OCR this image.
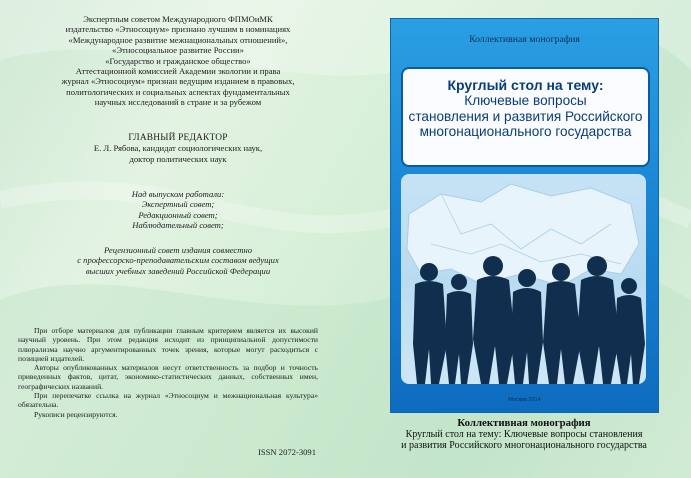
Экспертным советом Международного ФПМОиМК
издательство «Этносоциум» признано лучшим в номинациях
«Международное развитие межнациональных отношений»,
«Этносоциальное развитие России»
«Государство и гражданское общество»
Аттестационной комиссией Академии экологии и права
журнал «Этносоциум» признан ведущим изданием в правовых,
политологических и социальных аспектах фундаментальных
научных исследований в стране и за рубежом
ГЛАВНЫЙ РЕДАКТОР
Е. Л. Рябова, кандидат социологических наук,
доктор политических наук
Над выпуском работали:
Экспертный совет;
Редакционный совет;
Наблюдательный совет;
Рецензионный совет издания совместно
с профессорско-преподавательским составом ведущих
высших учебных заведений Российской Федерации

При отборе материалов для публикации главным критерием является их высокий научный уровень. При этом редакция исходит из принципиальной допустимости плюрализма научно аргументированных точек зрения, которые могут расходиться с позицией издателей.

Авторы опубликованных материалов несут ответственность за подбор и точность приведенных фактов, цитат, экономико-статистических данных, собственных имен, географических названий.

При перепечатке ссылка на журнал «Этносоциум и межнациональная культура» обязательна.

Рукописи рецензируются.

ISSN 2072-3091
Коллективная монография
Круглый стол на тему:
Ключевые вопросы
становления и развития Российского
многонационального государства
Москва 2014
Коллективная монография
Круглый стол на тему: Ключевые вопросы становления
и развития Российского многонационального государства
